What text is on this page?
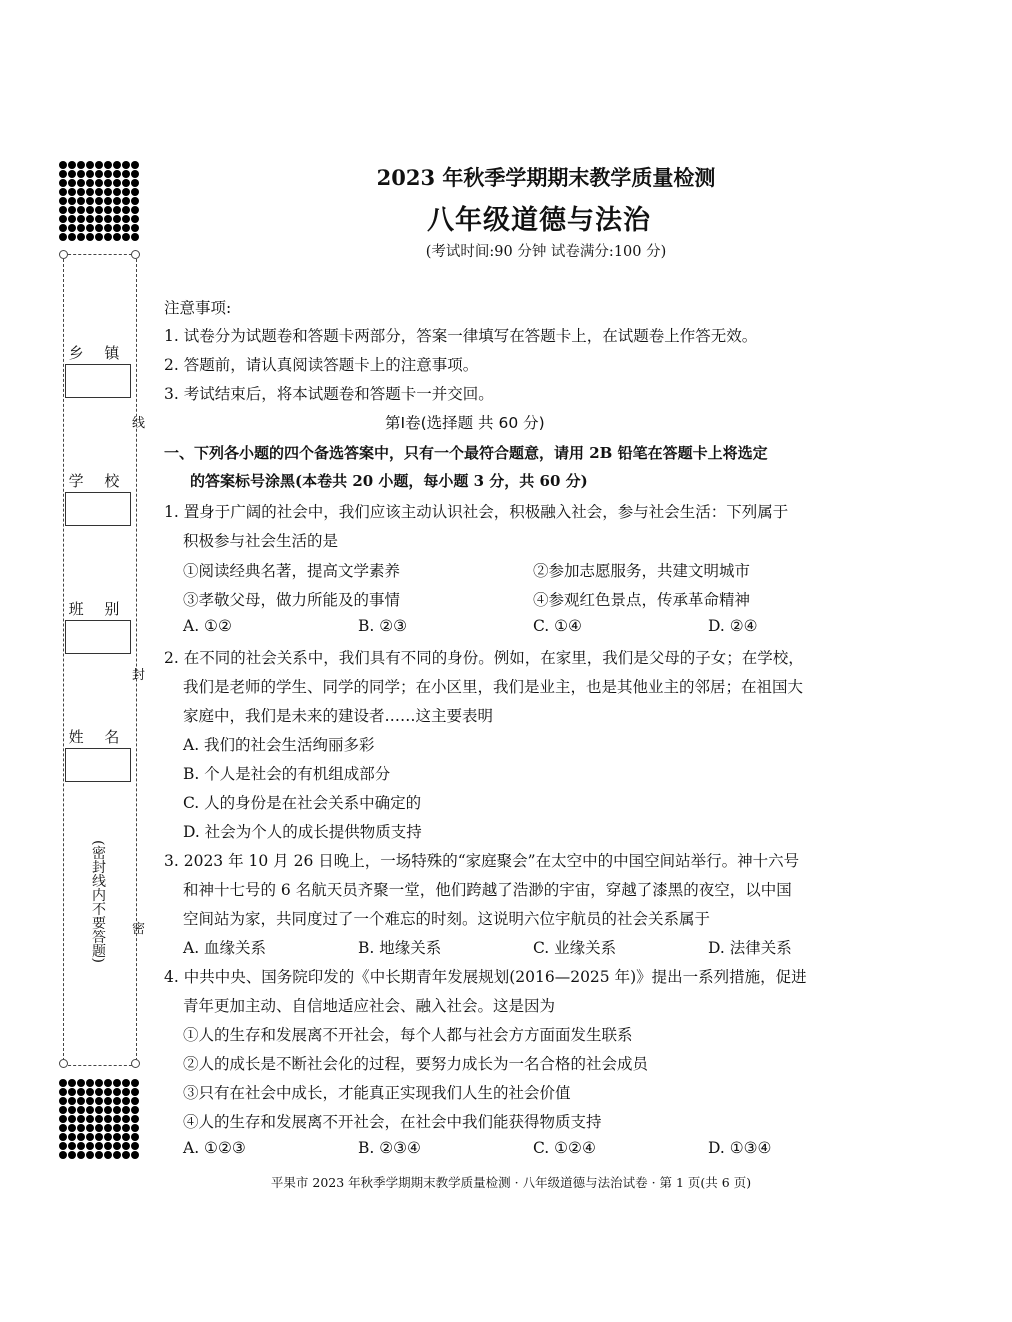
乡 镇
学 校
班 别
姓 名
线
封
密
(密封线内不要答题)
2023 年秋季学期期末教学质量检测
八年级道德与法治
(考试时间:90 分钟 试卷满分:100 分)
注意事项:
1. 试卷分为试题卷和答题卡两部分，答案一律填写在答题卡上，在试题卷上作答无效。
2. 答题前，请认真阅读答题卡上的注意事项。
3. 考试结束后，将本试题卷和答题卡一并交回。
第Ⅰ卷(选择题 共 60 分)
一、下列各小题的四个备选答案中，只有一个最符合题意，请用 2B 铅笔在答题卡上将选定
的答案标号涂黑(本卷共 20 小题，每小题 3 分，共 60 分)
1. 置身于广阔的社会中，我们应该主动认识社会，积极融入社会，参与社会生活：下列属于
积极参与社会生活的是
①阅读经典名著，提高文学素养	②参加志愿服务，共建文明城市
③孝敬父母，做力所能及的事情	④参观红色景点，传承革命精神
A. ①②	B. ②③	C. ①④	D. ②④
2. 在不同的社会关系中，我们具有不同的身份。例如，在家里，我们是父母的子女；在学校，
我们是老师的学生、同学的同学；在小区里，我们是业主，也是其他业主的邻居；在祖国大
家庭中，我们是未来的建设者……这主要表明
A. 我们的社会生活绚丽多彩
B. 个人是社会的有机组成部分
C. 人的身份是在社会关系中确定的
D. 社会为个人的成长提供物质支持
3. 2023 年 10 月 26 日晚上，一场特殊的“家庭聚会”在太空中的中国空间站举行。神十六号
和神十七号的 6 名航天员齐聚一堂，他们跨越了浩渺的宇宙，穿越了漆黑的夜空，以中国
空间站为家，共同度过了一个难忘的时刻。这说明六位宇航员的社会关系属于
A. 血缘关系	B. 地缘关系	C. 业缘关系	D. 法律关系
4. 中共中央、国务院印发的《中长期青年发展规划(2016—2025 年)》提出一系列措施，促进
青年更加主动、自信地适应社会、融入社会。这是因为
①人的生存和发展离不开社会，每个人都与社会方方面面发生联系
②人的成长是不断社会化的过程，要努力成长为一名合格的社会成员
③只有在社会中成长，才能真正实现我们人生的社会价值
④人的生存和发展离不开社会，在社会中我们能获得物质支持
A. ①②③	B. ②③④	C. ①②④	D. ①③④
平果市 2023 年秋季学期期末教学质量检测 · 八年级道德与法治试卷 · 第 1 页(共 6 页)
